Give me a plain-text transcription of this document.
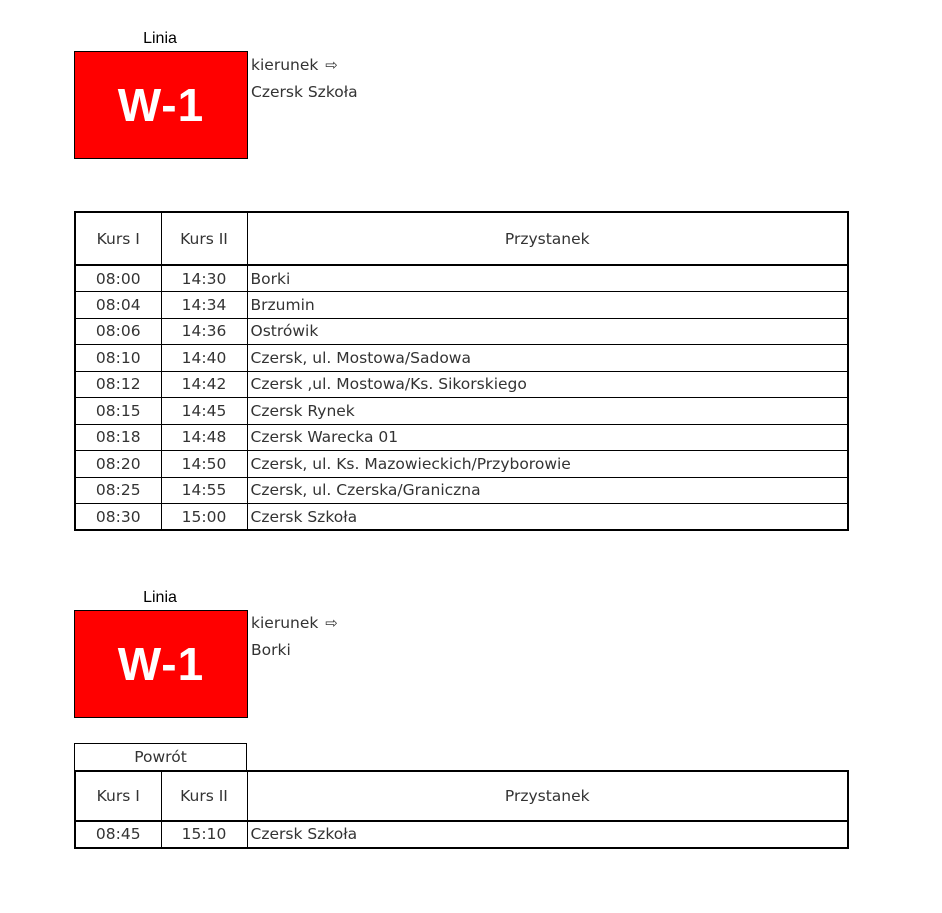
Linia
W-1
kierunek ⇨
Czersk Szkoła
Kurs I	Kurs II	Przystanek
08:00	14:30	Borki
08:04	14:34	Brzumin
08:06	14:36	Ostrówik
08:10	14:40	Czersk, ul. Mostowa/Sadowa
08:12	14:42	Czersk ,ul. Mostowa/Ks. Sikorskiego
08:15	14:45	Czersk Rynek
08:18	14:48	Czersk Warecka 01
08:20	14:50	Czersk, ul. Ks. Mazowieckich/Przyborowie
08:25	14:55	Czersk, ul. Czerska/Graniczna
08:30	15:00	Czersk Szkoła
Linia
W-1
kierunek ⇨
Borki
Powrót
Kurs I	Kurs II	Przystanek
08:45	15:10	Czersk Szkoła
